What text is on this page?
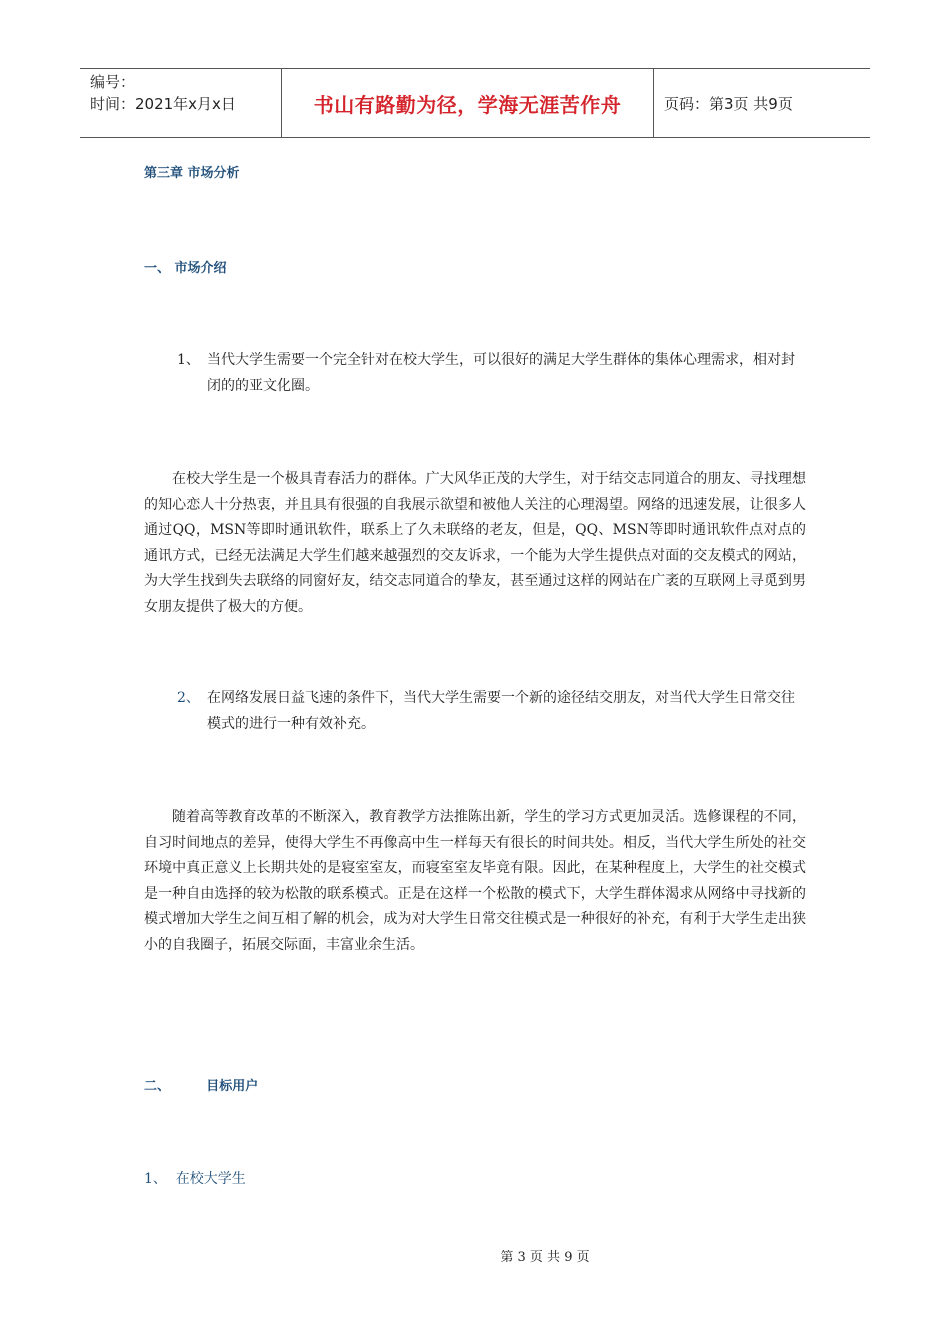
编号：
时间：2021年x月x日	书山有路勤为径，学海无涯苦作舟	页码：第3页 共9页
第三章 市场分析
一、 市场介绍
1、 当代大学生需要一个完全针对在校大学生，可以很好的满足大学生群体的集体心理需求，相对封闭的的亚文化圈。
在校大学生是一个极具青春活力的群体。广大风华正茂的大学生，对于结交志同道合的朋友、寻找理想的知心恋人十分热衷，并且具有很强的自我展示欲望和被他人关注的心理渴望。网络的迅速发展，让很多人通过QQ，MSN等即时通讯软件，联系上了久未联络的老友，但是，QQ、MSN等即时通讯软件点对点的通讯方式，已经无法满足大学生们越来越强烈的交友诉求，一个能为大学生提供点对面的交友模式的网站，为大学生找到失去联络的同窗好友，结交志同道合的挚友，甚至通过这样的网站在广袤的互联网上寻觅到男女朋友提供了极大的方便。
2、 在网络发展日益飞速的条件下，当代大学生需要一个新的途径结交朋友，对当代大学生日常交往模式的进行一种有效补充。
随着高等教育改革的不断深入，教育教学方法推陈出新，学生的学习方式更加灵活。选修课程的不同，自习时间地点的差异，使得大学生不再像高中生一样每天有很长的时间共处。相反，当代大学生所处的社交环境中真正意义上长期共处的是寝室室友，而寝室室友毕竟有限。因此，在某种程度上，大学生的社交模式是一种自由选择的较为松散的联系模式。正是在这样一个松散的模式下，大学生群体渴求从网络中寻找新的模式增加大学生之间互相了解的机会，成为对大学生日常交往模式是一种很好的补充，有利于大学生走出狭小的自我圈子，拓展交际面，丰富业余生活。
二、        目标用户
1、  在校大学生
第 3 页 共 9 页
